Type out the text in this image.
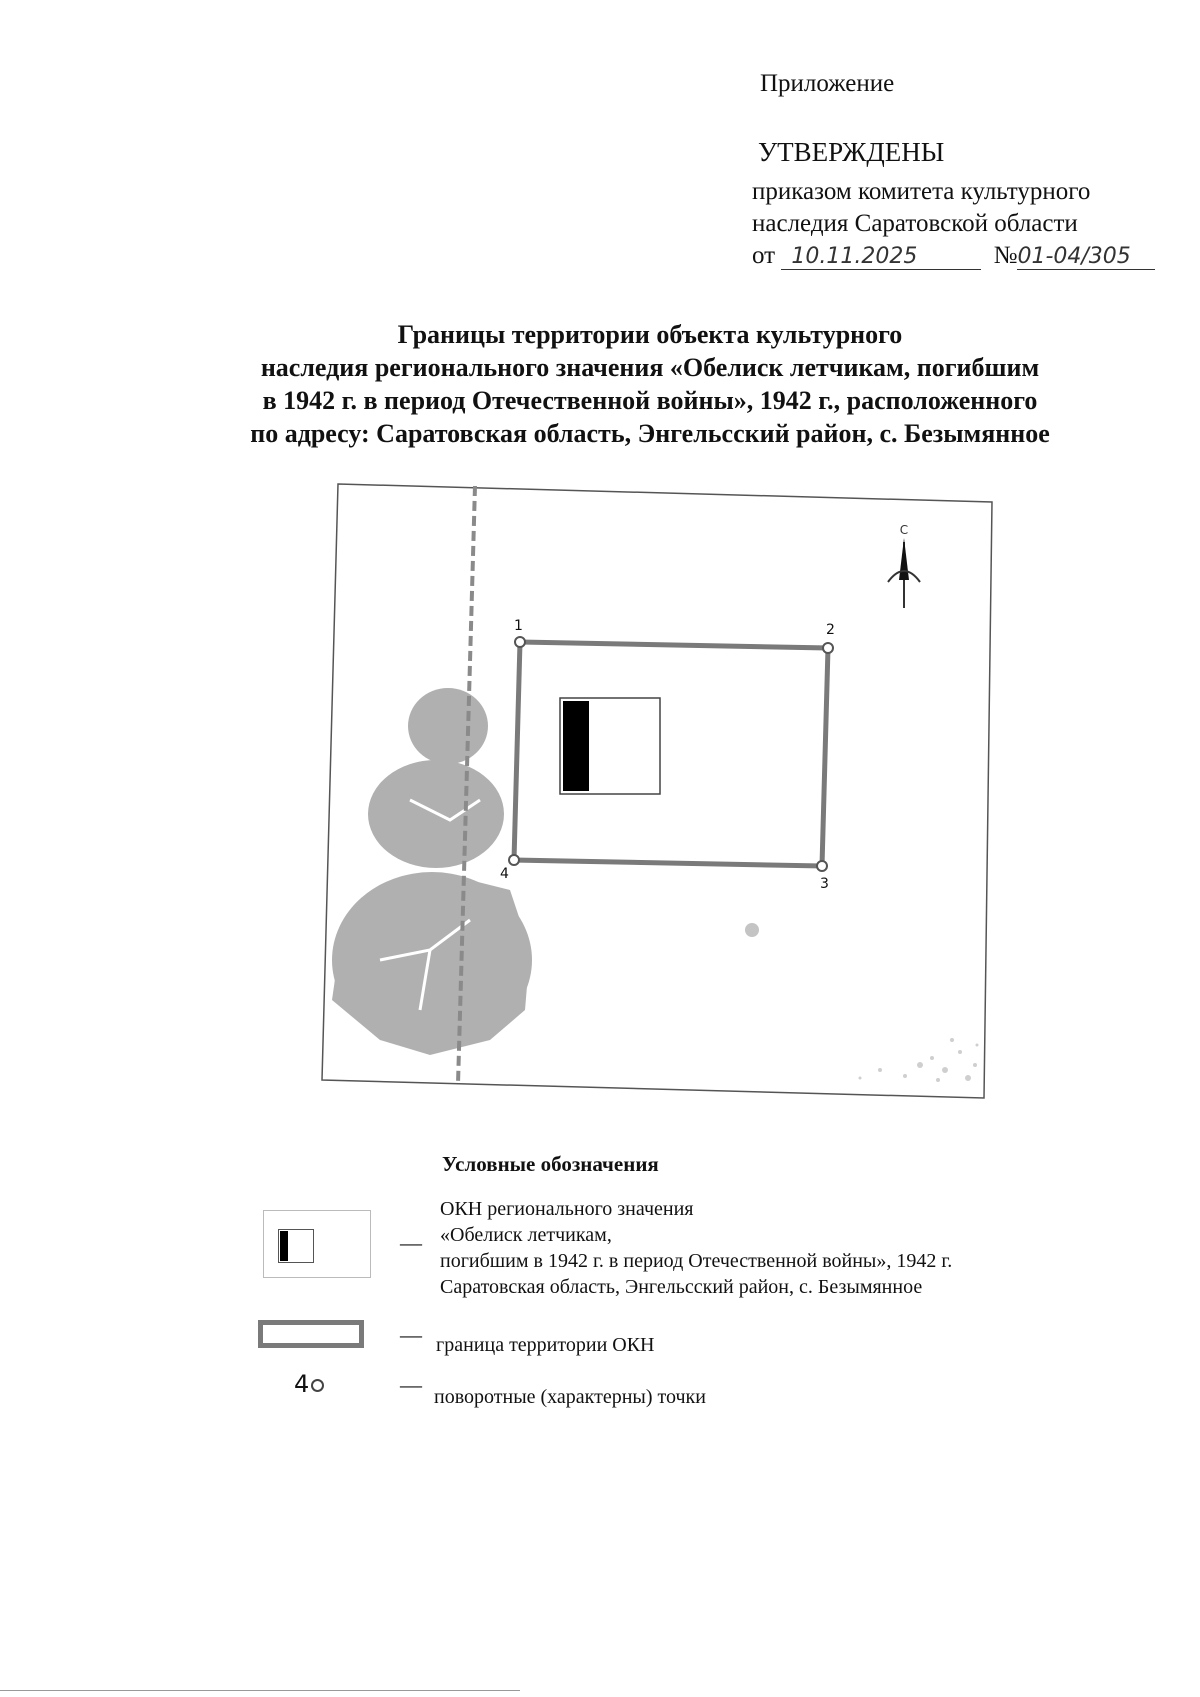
Приложение
УТВЕРЖДЕНЫ
приказом комитета культурного
наследия Саратовской области
от 10.11.2025	№01-04/305
Границы территории объекта культурного
наследия регионального значения «Обелиск летчикам, погибшим
в 1942 г. в период Отечественной войны», 1942 г., расположенного
по адресу: Саратовская область, Энгельсский район, с. Безымянное
С
1	2
3
4
Условные обозначения
—
ОКН регионального значения
«Обелиск летчикам,
погибшим в 1942 г. в период Отечественной войны», 1942 г.
Саратовская область, Энгельсский район, с. Безымянное
— граница территории ОКН
4	— поворотные (характерны) точки
